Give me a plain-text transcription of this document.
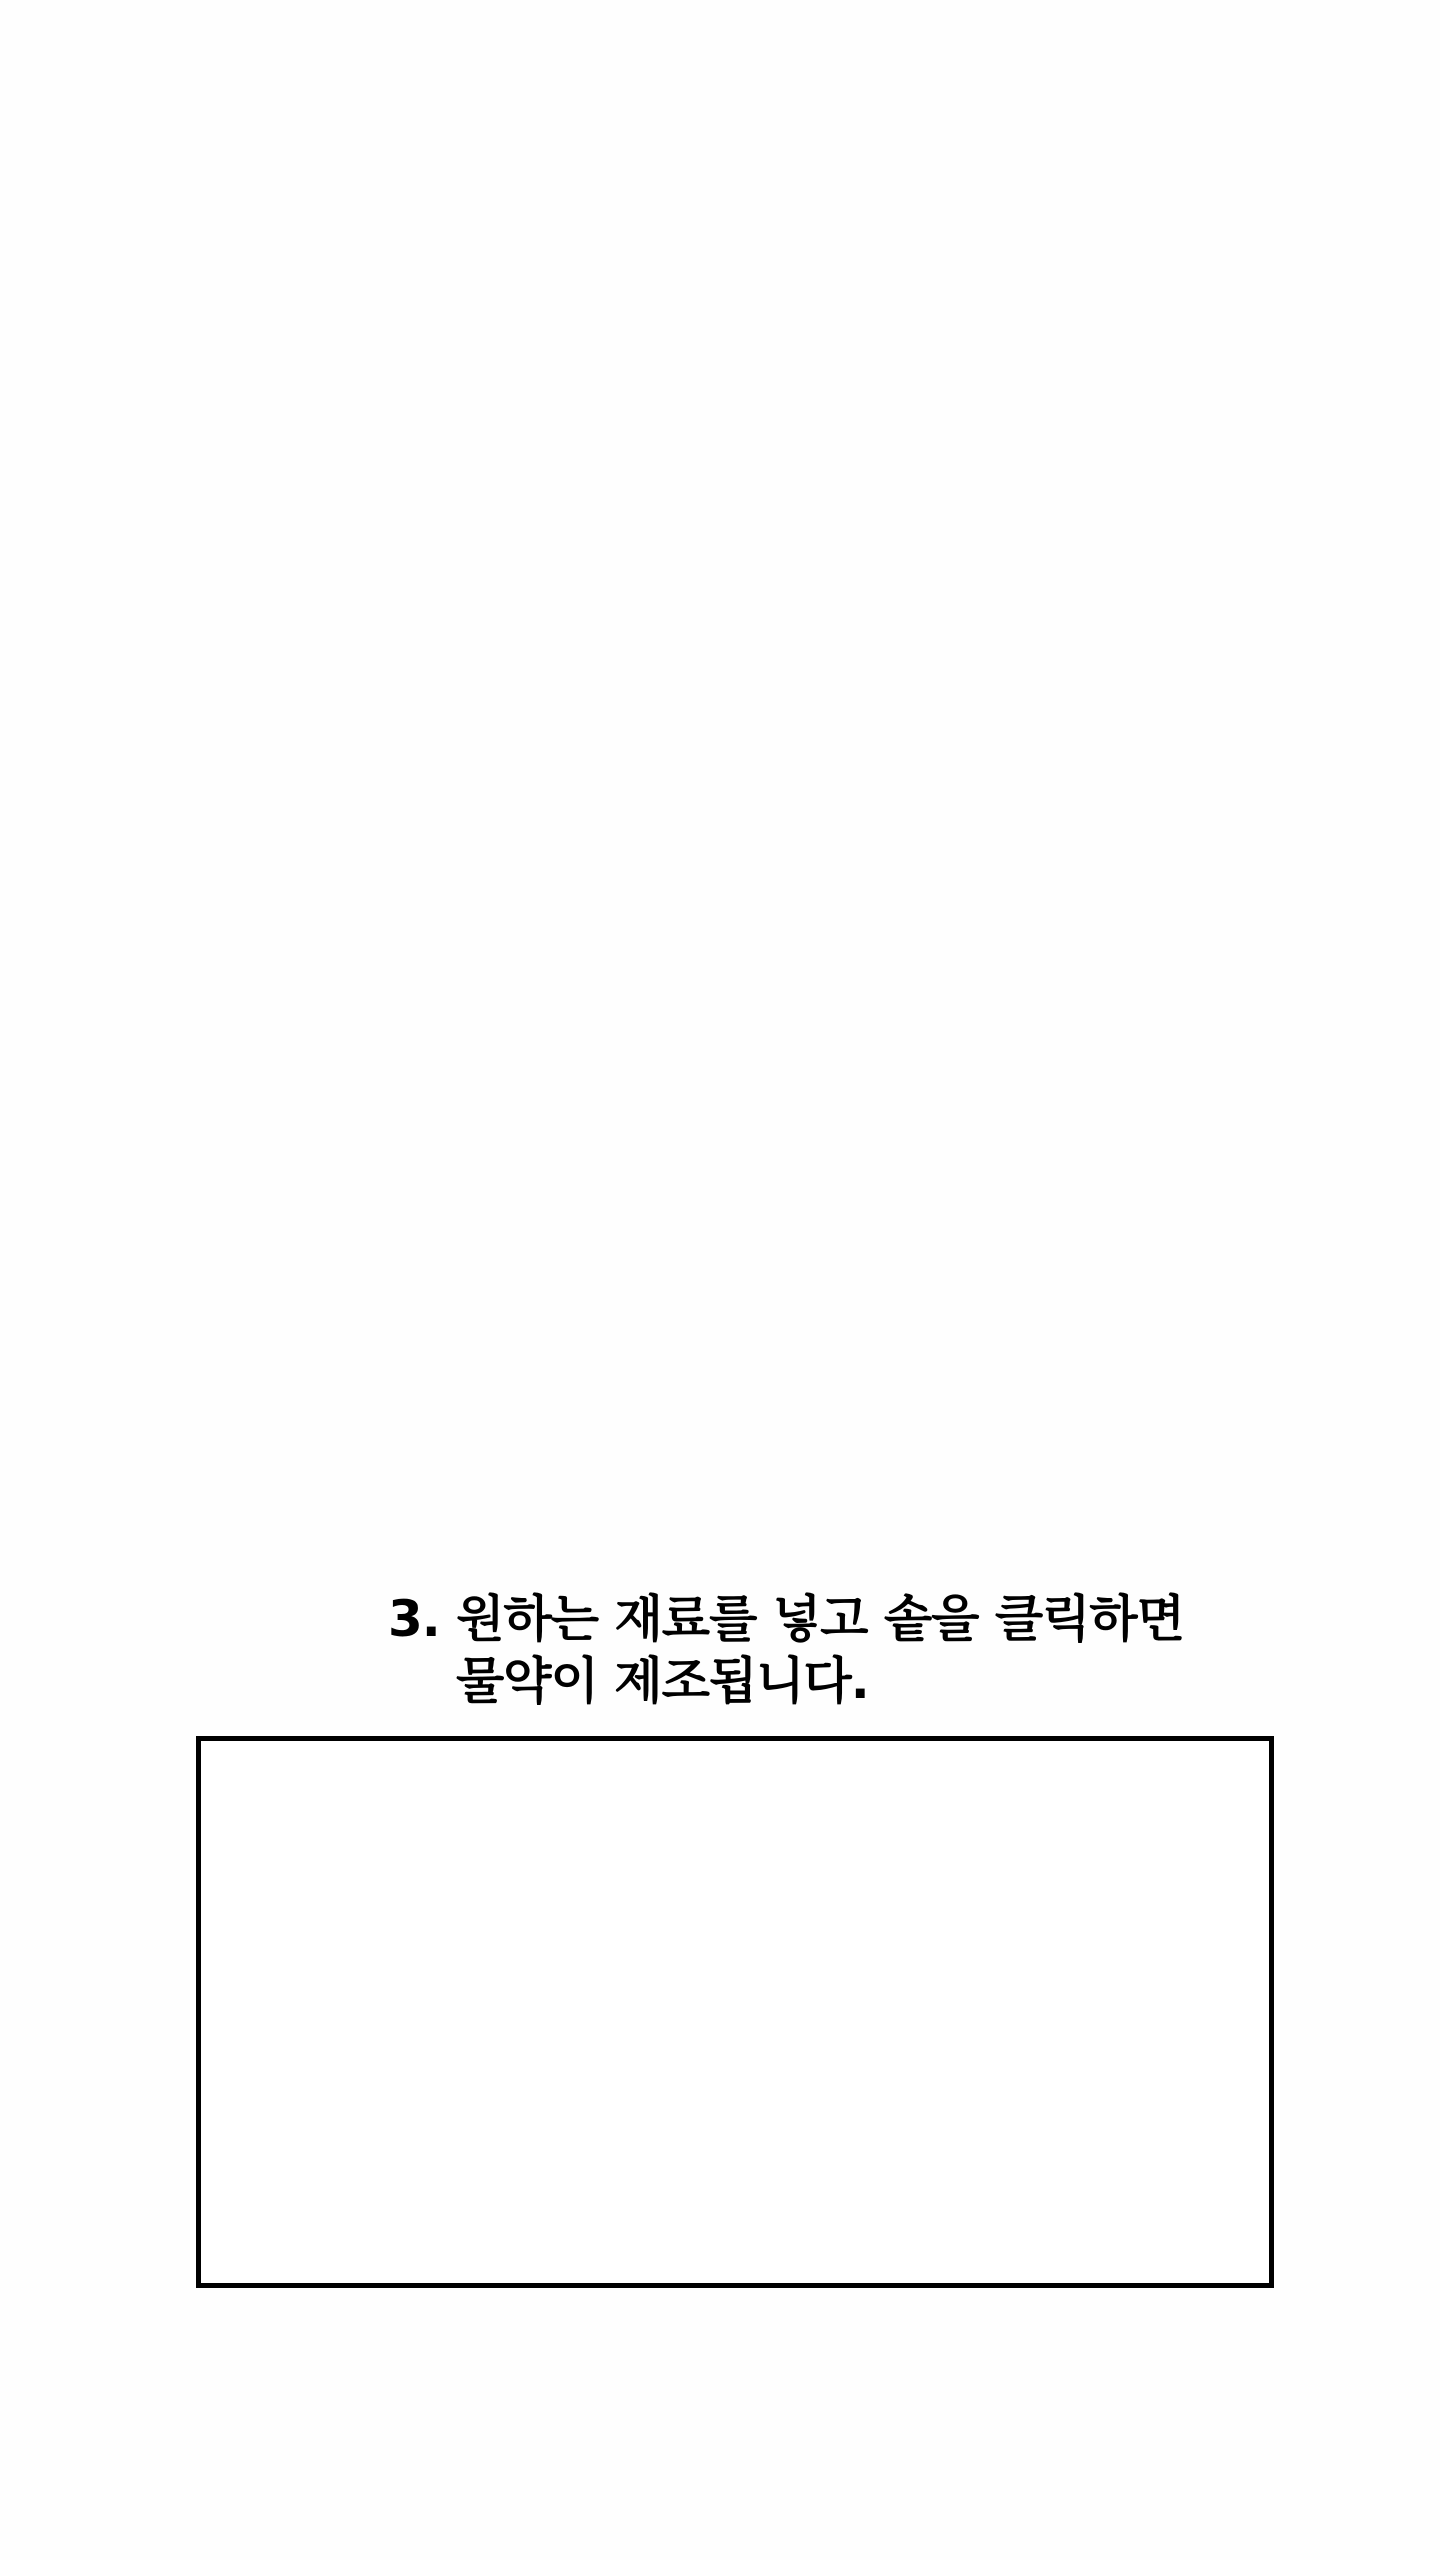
3. 원하는 재료를 넣고 솥을 클릭하면
물약이 제조됩니다.
